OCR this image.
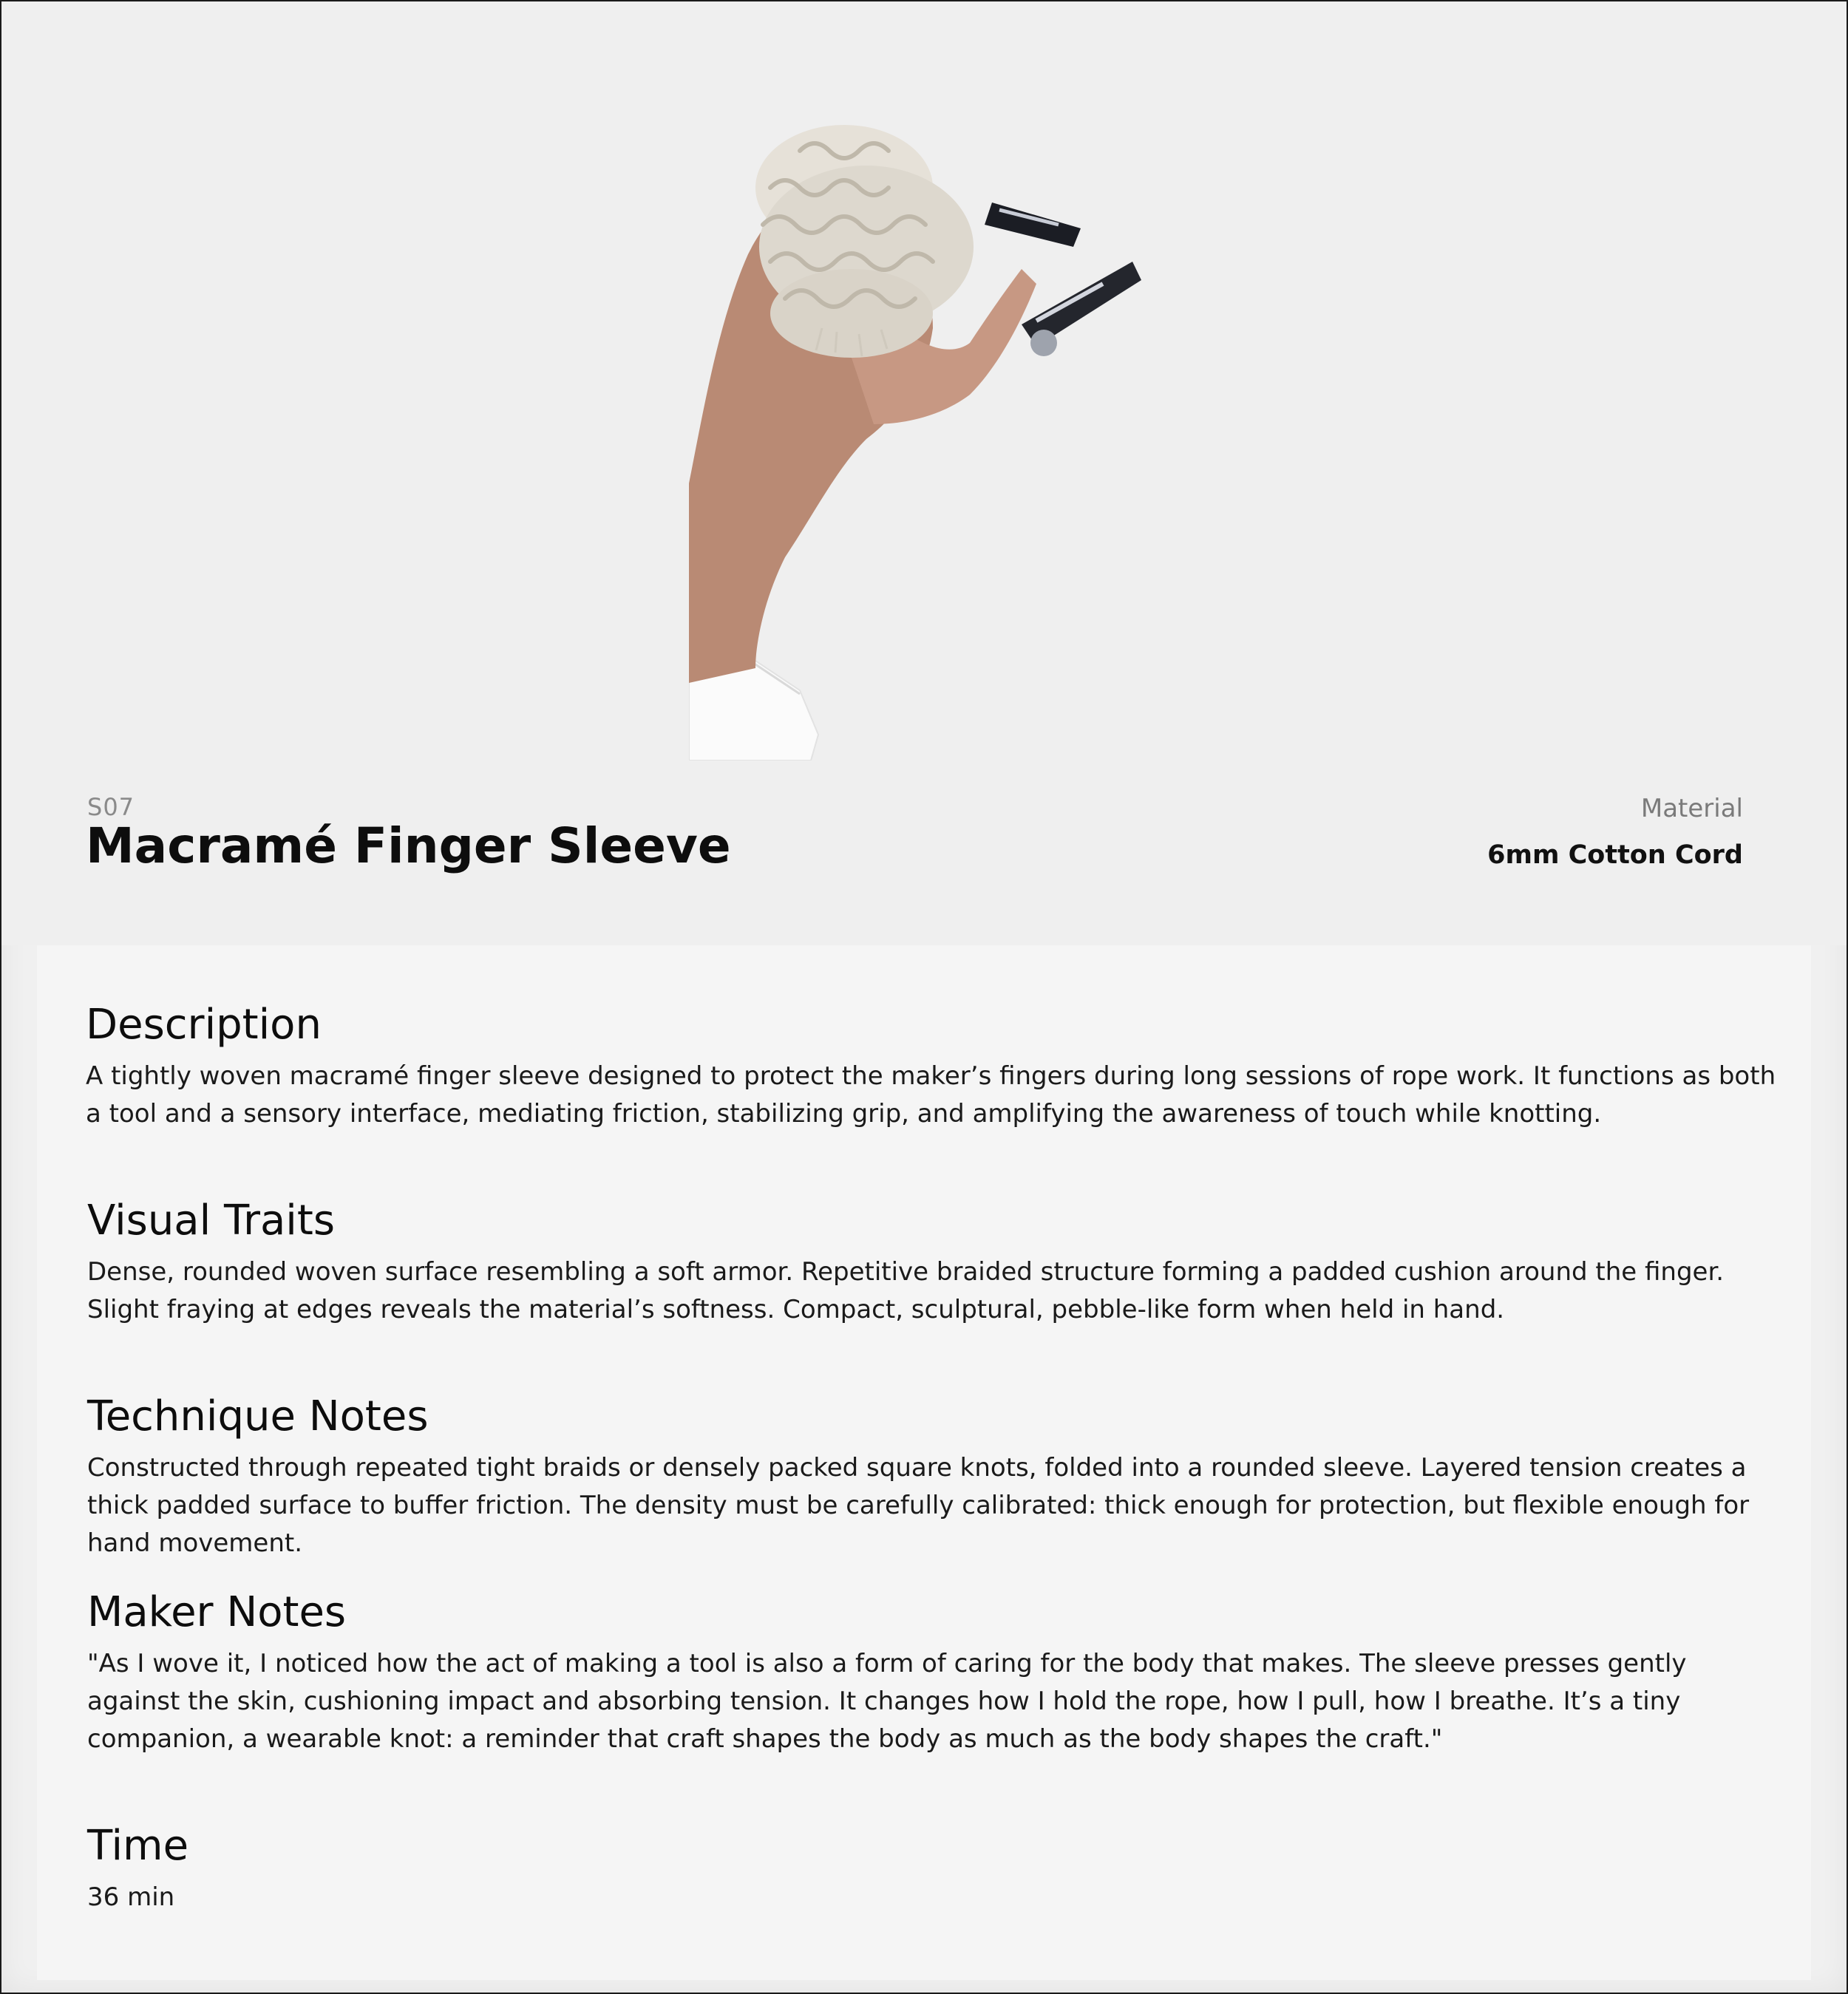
S07
Macramé Finger Sleeve
Material
6mm Cotton Cord
Description

A tightly woven macramé finger sleeve designed to protect the maker’s fingers during long sessions of rope work. It functions as both a tool and a sensory interface, mediating friction, stabilizing grip, and amplifying the awareness of touch while knotting.

Visual Traits

Dense, rounded woven surface resembling a soft armor. Repetitive braided structure forming a padded cushion around the finger. Slight fraying at edges reveals the material’s softness. Compact, sculptural, pebble-like form when held in hand.

Technique Notes

Constructed through repeated tight braids or densely packed square knots, folded into a rounded sleeve. Layered tension creates a thick padded surface to buffer friction. The density must be carefully calibrated: thick enough for protection, but flexible enough for hand movement.

Maker Notes

"As I wove it, I noticed how the act of making a tool is also a form of caring for the body that makes. The sleeve presses gently against the skin, cushioning impact and absorbing tension. It changes how I hold the rope, how I pull, how I breathe. It’s a tiny companion, a wearable knot: a reminder that craft shapes the body as much as the body shapes the craft."

Time

36 min
